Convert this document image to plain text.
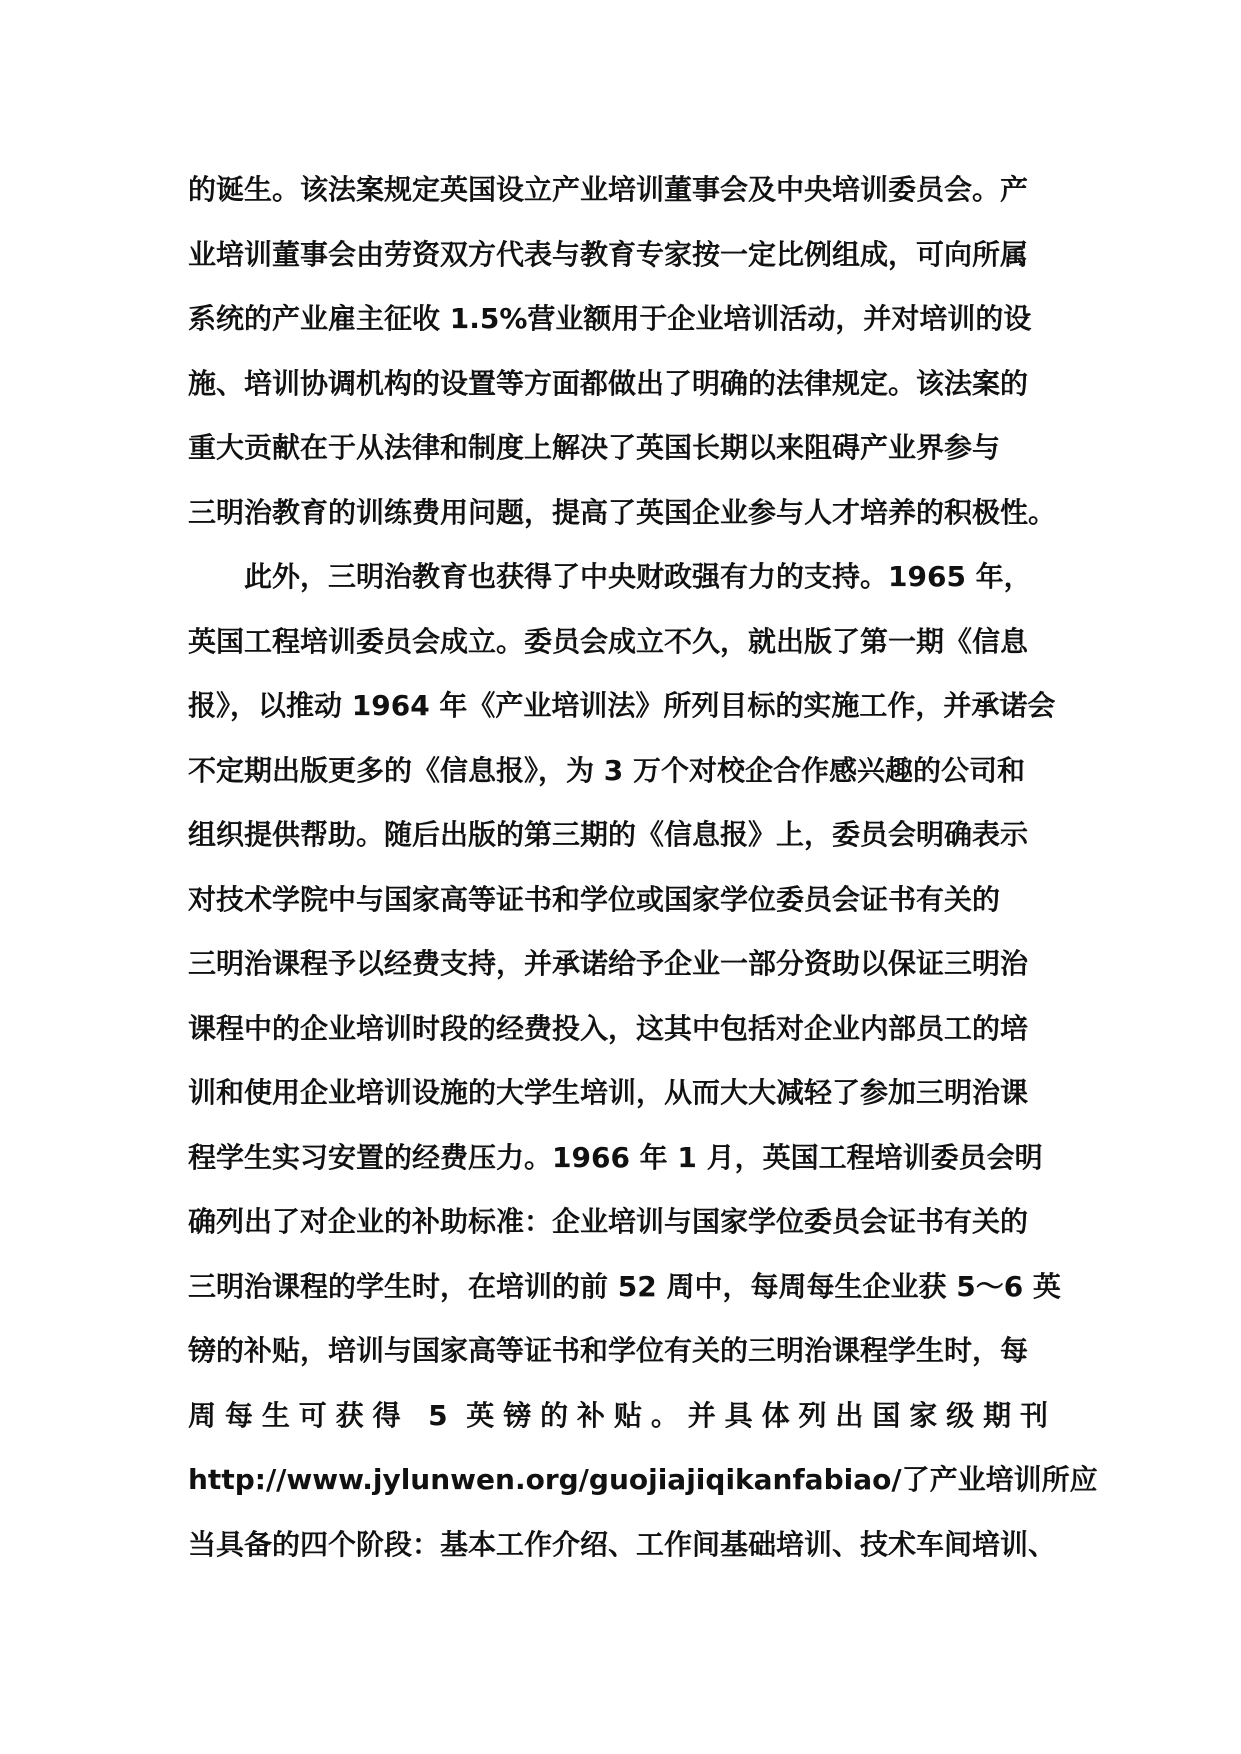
的诞生。该法案规定英国设立产业培训董事会及中央培训委员会。产
业培训董事会由劳资双方代表与教育专家按一定比例组成，可向所属
系统的产业雇主征收 1.5%营业额用于企业培训活动，并对培训的设
施、培训协调机构的设置等方面都做出了明确的法律规定。该法案的
重大贡献在于从法律和制度上解决了英国长期以来阻碍产业界参与
三明治教育的训练费用问题，提高了英国企业参与人才培养的积极性。
此外，三明治教育也获得了中央财政强有力的支持。1965 年，
英国工程培训委员会成立。委员会成立不久，就出版了第一期《信息
报》，以推动 1964 年《产业培训法》所列目标的实施工作，并承诺会
不定期出版更多的《信息报》，为 3 万个对校企合作感兴趣的公司和
组织提供帮助。随后出版的第三期的《信息报》上，委员会明确表示
对技术学院中与国家高等证书和学位或国家学位委员会证书有关的
三明治课程予以经费支持，并承诺给予企业一部分资助以保证三明治
课程中的企业培训时段的经费投入，这其中包括对企业内部员工的培
训和使用企业培训设施的大学生培训，从而大大减轻了参加三明治课
程学生实习安置的经费压力。1966 年 1 月，英国工程培训委员会明
确列出了对企业的补助标准：企业培训与国家学位委员会证书有关的
三明治课程的学生时，在培训的前 52 周中，每周每生企业获 5～6 英
镑的补贴，培训与国家高等证书和学位有关的三明治课程学生时，每
周每生可获得 5 英镑的补贴。并具体列出国家级期刊
http://www.jylunwen.org/guojiajiqikanfabiao/了产业培训所应
当具备的四个阶段：基本工作介绍、工作间基础培训、技术车间培训、
